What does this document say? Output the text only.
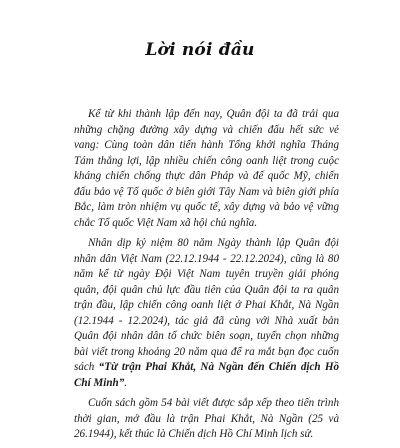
Lời nói đầu

Kể từ khi thành lập đến nay, Quân đội ta đã trải qua những chặng đường xây dựng và chiến đấu hết sức vẻ vang: Cùng toàn dân tiến hành Tổng khởi nghĩa Tháng Tám thắng lợi, lập nhiều chiến công oanh liệt trong cuộc kháng chiến chống thực dân Pháp và đế quốc Mỹ, chiến đấu bảo vệ Tổ quốc ở biên giới Tây Nam và biên giới phía Bắc, làm tròn nhiệm vụ quốc tế, xây dựng và bảo vệ vững chắc Tổ quốc Việt Nam xã hội chủ nghĩa.

Nhân dịp kỷ niệm 80 năm Ngày thành lập Quân đội nhân dân Việt Nam (22.12.1944 - 22.12.2024), cũng là 80 năm kể từ ngày Đội Việt Nam tuyên truyền giải phóng quân, đội quân chủ lực đầu tiên của Quân đội ta ra quân trận đầu, lập chiến công oanh liệt ở Phai Khắt, Nà Ngần (12.1944 - 12.2024), tác giả đã cùng với Nhà xuất bản Quân đội nhân dân tổ chức biên soạn, tuyển chọn những bài viết trong khoảng 20 năm qua để ra mắt bạn đọc cuốn sách “Từ trận Phai Khắt, Nà Ngần đến Chiến dịch Hồ Chí Minh”.

Cuốn sách gồm 54 bài viết được sắp xếp theo tiến trình thời gian, mở đầu là trận Phai Khắt, Nà Ngần (25 và 26.1944), kết thúc là Chiến dịch Hồ Chí Minh lịch sử.
